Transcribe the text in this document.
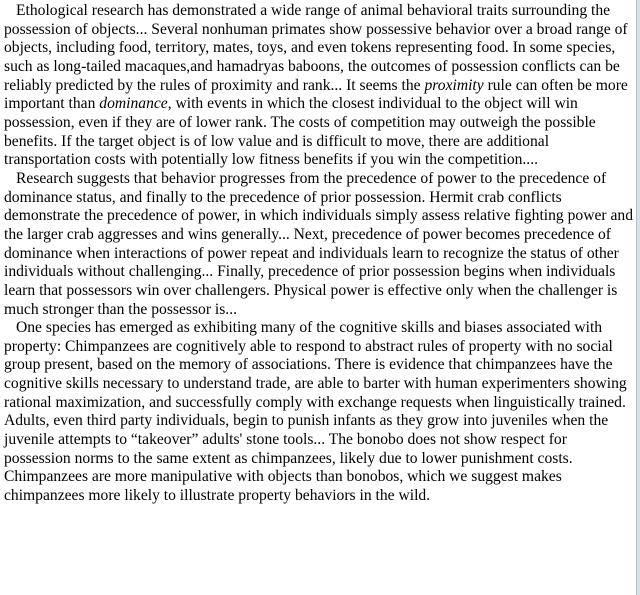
Ethological research has demonstrated a wide range of animal behavioral traits surrounding the possession of objects... Several nonhuman primates show possessive behavior over a broad range of objects, including food, territory, mates, toys, and even tokens representing food. In some species, such as long-tailed macaques,and hamadryas baboons, the outcomes of possession conflicts can be reliably predicted by the rules of proximity and rank... It seems the proximity rule can often be more important than dominance, with events in which the closest individual to the object will win possession, even if they are of lower rank. The costs of competition may outweigh the possible benefits. If the target object is of low value and is difficult to move, there are additional transportation costs with potentially low fitness benefits if you win the competition....

Research suggests that behavior progresses from the precedence of power to the precedence of dominance status, and finally to the precedence of prior possession. Hermit crab conflicts demonstrate the precedence of power, in which individuals simply assess relative fighting power and the larger crab aggresses and wins generally... Next, precedence of power becomes precedence of dominance when interactions of power repeat and individuals learn to recognize the status of other individuals without challenging... Finally, precedence of prior possession begins when individuals learn that possessors win over challengers. Physical power is effective only when the challenger is much stronger than the possessor is...

One species has emerged as exhibiting many of the cognitive skills and biases associated with property: Chimpanzees are cognitively able to respond to abstract rules of property with no social group present, based on the memory of associations. There is evidence that chimpanzees have the cognitive skills necessary to understand trade, are able to barter with human experimenters showing rational maximization, and successfully comply with exchange requests when linguistically trained. Adults, even third party individuals, begin to punish infants as they grow into juveniles when the juvenile attempts to “takeover” adults' stone tools... The bonobo does not show respect for possession norms to the same extent as chimpanzees, likely due to lower punishment costs. Chimpanzees are more manipulative with objects than bonobos, which we suggest makes chimpanzees more likely to illustrate property behaviors in the wild.
